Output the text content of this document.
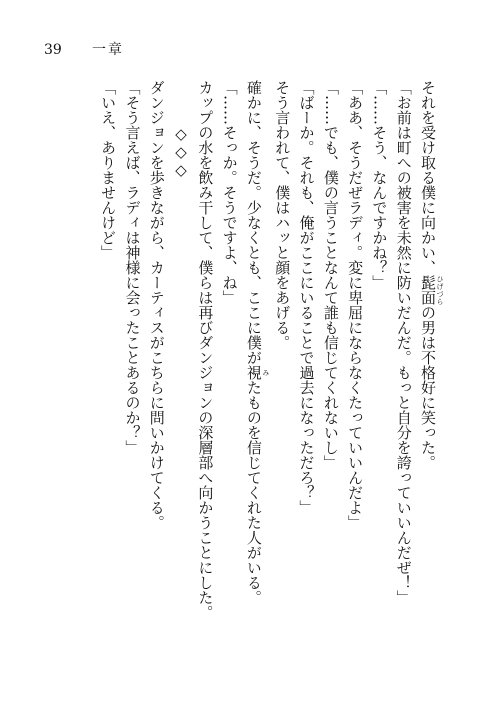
39 一章
それを受け取る僕に向かい、髭面 ひげづらの男は不格好に笑った。
「お前は町への被害を未然に防いだんだ。もっと自分を誇っていいんだぜ！」
「……そう、なんですかね？」
「ああ、そうだぜラディ。変に卑屈にならなくたっていいんだよ」
「……でも、僕の言うことなんて誰も信じてくれないし」
「ばーか。それも、俺がここにいることで過去になっただろ？」
そう言われて、僕はハッと顔をあげる。
確かに、そうだ。少なくとも、ここに僕が視 みたものを信じてくれた人がいる。
「……そっか。そうですよ、ね」
カップの水を飲み干して、僕らは再びダンジョンの深層部へ向かうことにした。
◇◇◇
ダンジョンを歩きながら、カーティスがこちらに問いかけてくる。
「そう言えば、ラディは神様に会ったことあるのか？」
「いえ、ありませんけど」
